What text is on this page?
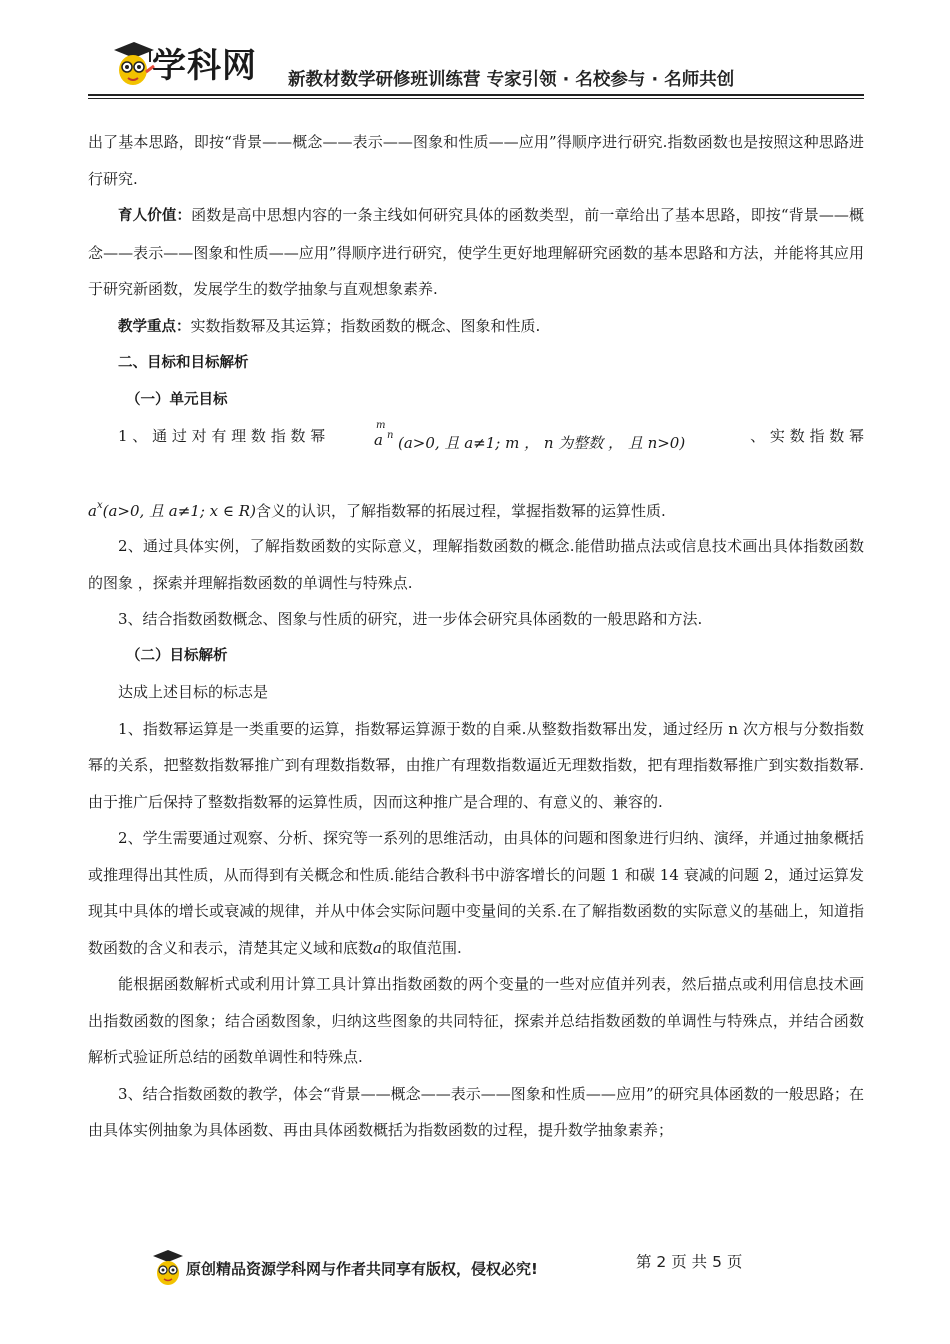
学科网 新教材数学研修班训练营 专家引领 · 名校参与 · 名师共创

出了基本思路，即按“背景——概念——表示——图象和性质——应用”得顺序进行研究.指数函数也是按照这种思路进行研究.

育人价值：函数是高中思想内容的一条主线如何研究具体的函数类型，前一章给出了基本思路，即按“背景——概念——表示——图象和性质——应用”得顺序进行研究，使学生更好地理解研究函数的基本思路和方法，并能将其应用于研究新函数，发展学生的数学抽象与直观想象素养.

教学重点：实数指数幂及其运算；指数函数的概念、图象和性质.

二、目标和目标解析

（一）单元目标

1 、 通 过 对 有 理 数 指 数 幂
m
a n (a>0, 且 a≠1; m ， n 为整数 ， 且 n>0)	、 实 数 指 数 幂
$a^x(a>0$, 且 a≠1; x ∈ R)含义的认识，了解指数幂的拓展过程，掌握指数幂的运算性质.

2、通过具体实例，了解指数函数的实际意义，理解指数函数的概念.能借助描点法或信息技术画出具体指数函数的图象 ，探索并理解指数函数的单调性与特殊点.

3、结合指数函数概念、图象与性质的研究，进一步体会研究具体函数的一般思路和方法.

（二）目标解析

达成上述目标的标志是

1、指数幂运算是一类重要的运算，指数幂运算源于数的自乘.从整数指数幂出发，通过经历 n 次方根与分数指数幂的关系，把整数指数幂推广到有理数指数幂，由推广有理数指数逼近无理数指数，把有理指数幂推广到实数指数幂.由于推广后保持了整数指数幂的运算性质，因而这种推广是合理的、有意义的、兼容的.

2、学生需要通过观察、分析、探究等一系列的思维活动，由具体的问题和图象进行归纳、演绎，并通过抽象概括或推理得出其性质，从而得到有关概念和性质.能结合教科书中游客增长的问题 1 和碳 14 衰减的问题 2，通过运算发现其中具体的增长或衰减的规律，并从中体会实际问题中变量间的关系.在了解指数函数的实际意义的基础上，知道指数函数的含义和表示，清楚其定义域和底数a的取值范围.

能根据函数解析式或利用计算工具计算出指数函数的两个变量的一些对应值并列表，然后描点或利用信息技术画出指数函数的图象；结合函数图象，归纳这些图象的共同特征，探索并总结指数函数的单调性与特殊点，并结合函数解析式验证所总结的函数单调性和特殊点.

3、结合指数函数的教学，体会“背景——概念——表示——图象和性质——应用”的研究具体函数的一般思路；在由具体实例抽象为具体函数、再由具体函数概括为指数函数的过程，提升数学抽象素养；

原创精品资源学科网与作者共同享有版权，侵权必究!	第 2 页 共 5 页
